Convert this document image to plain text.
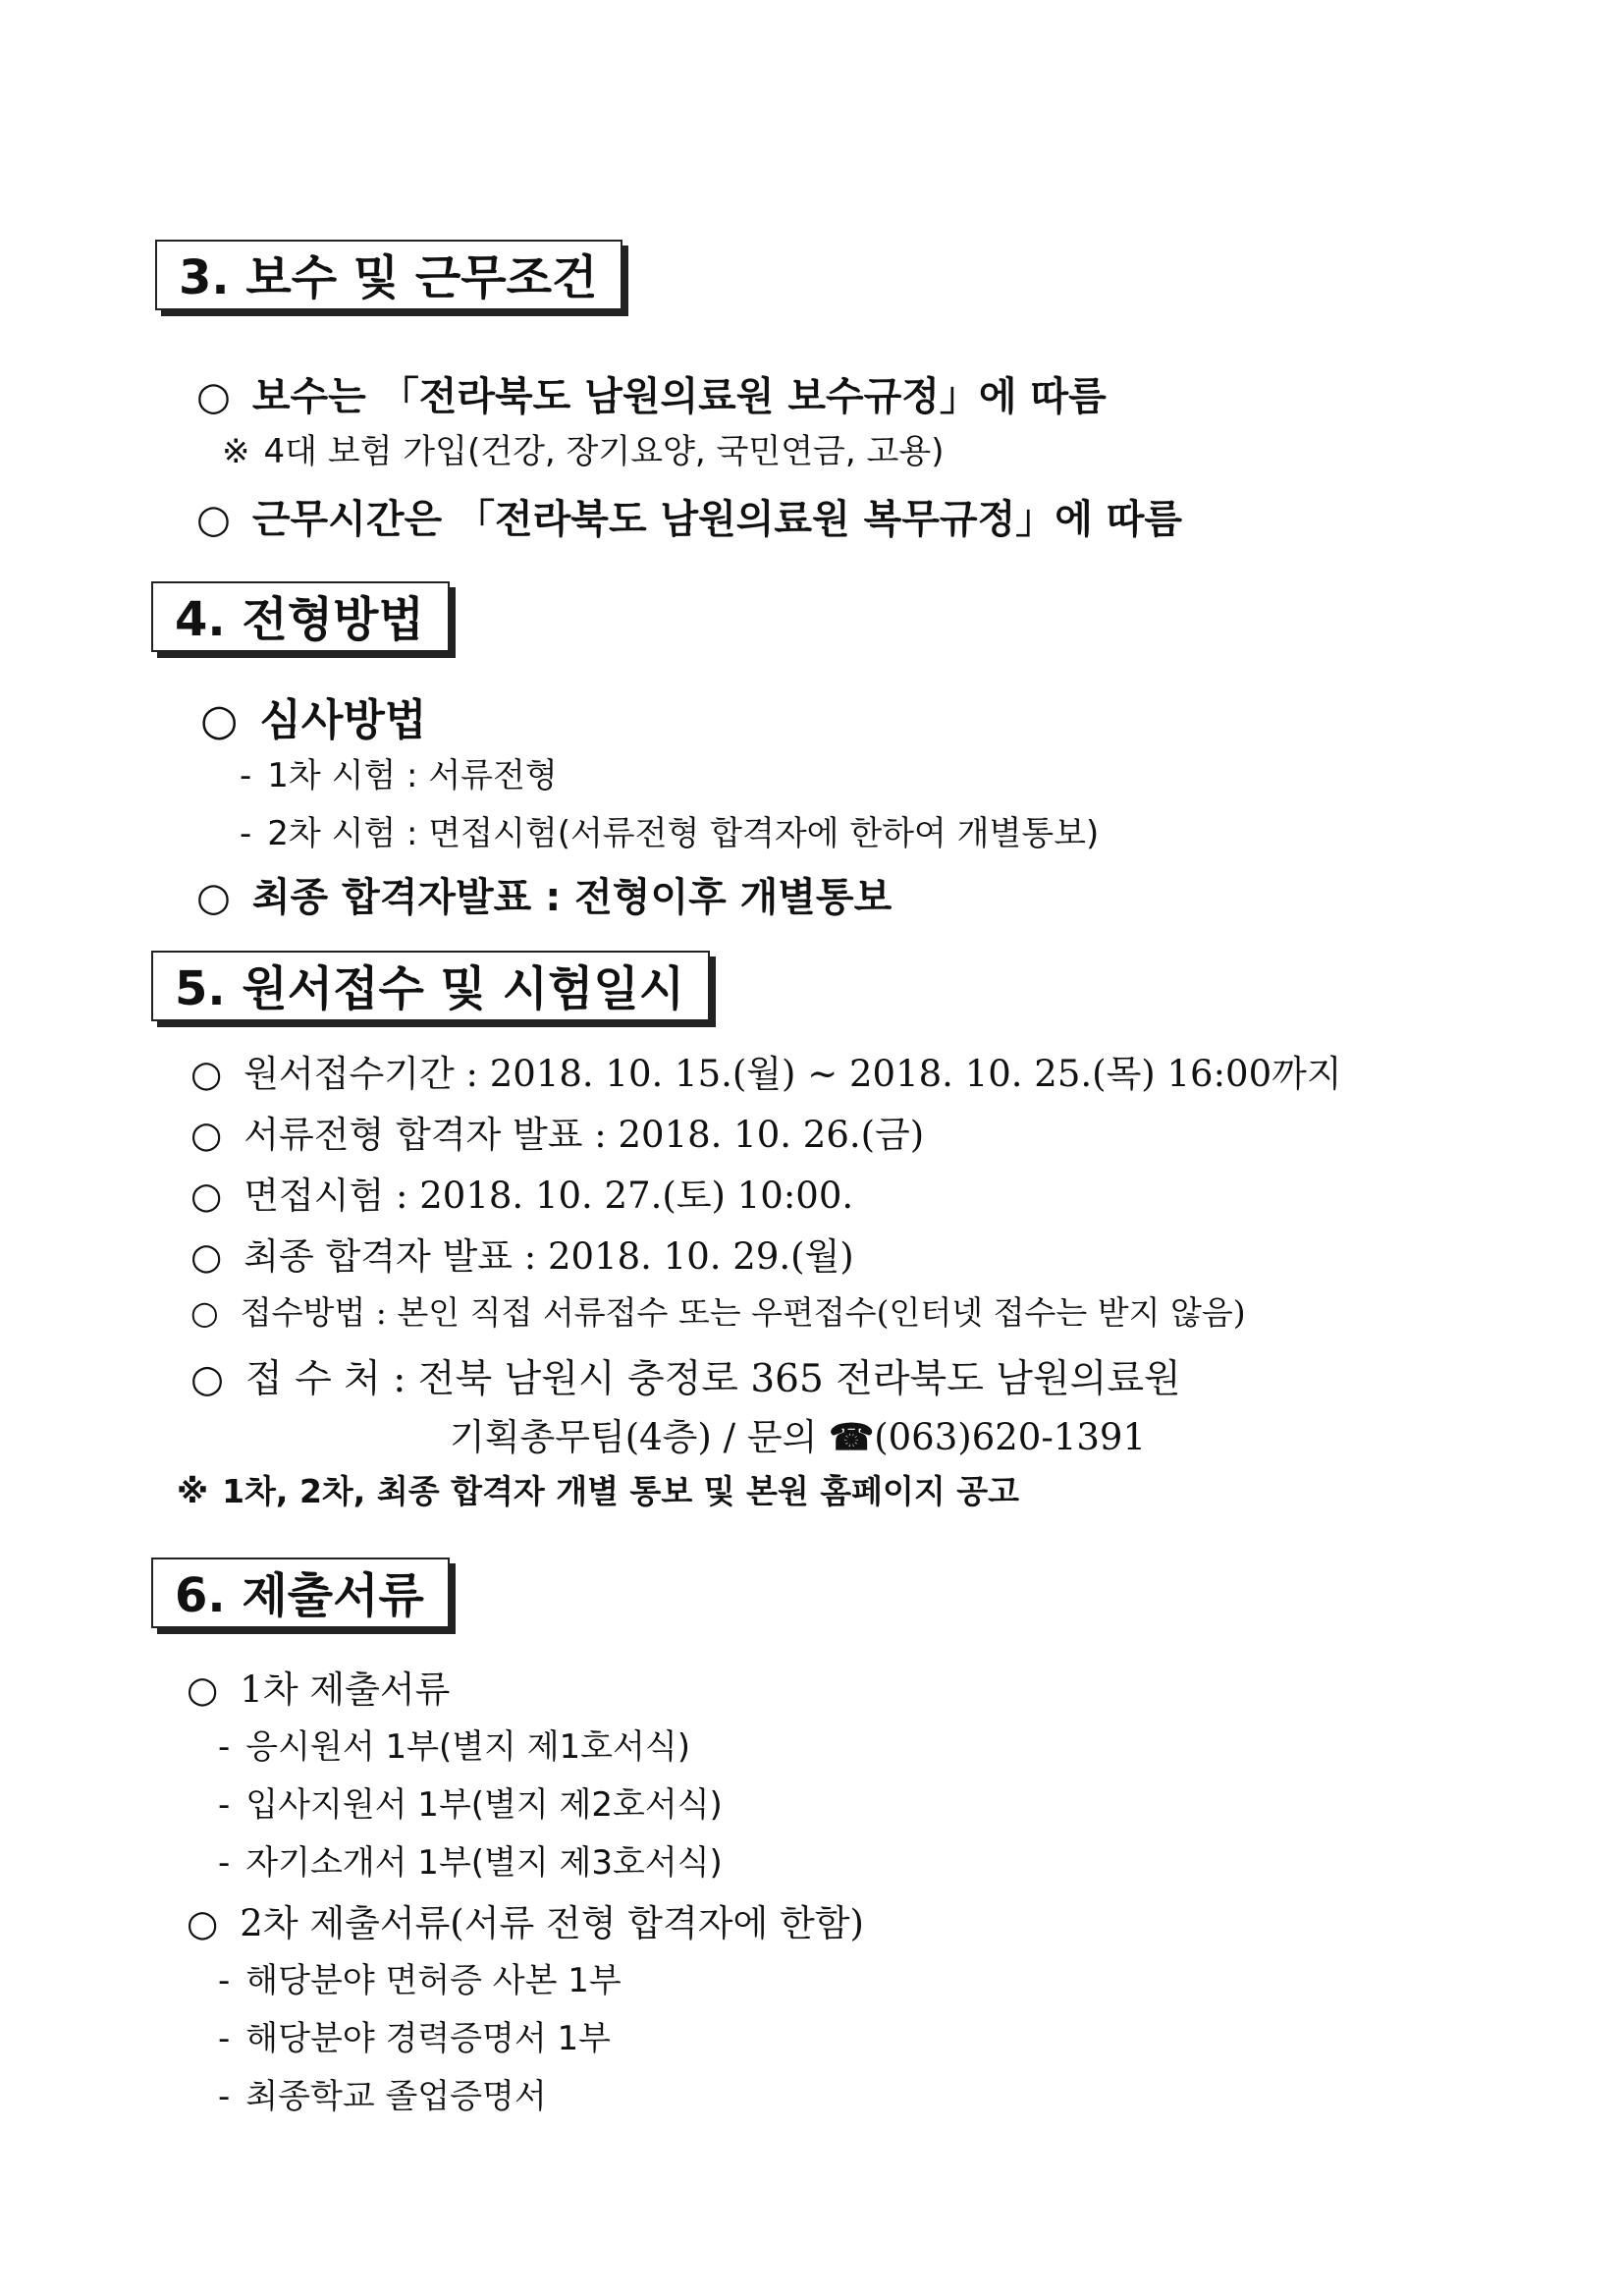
3. 보수 및 근무조건
○ 보수는 「전라북도 남원의료원 보수규정」에 따름
※ 4대 보험 가입(건강, 장기요양, 국민연금, 고용)
○ 근무시간은 「전라북도 남원의료원 복무규정」에 따름
4. 전형방법
○ 심사방법
- 1차 시험 : 서류전형
- 2차 시험 : 면접시험(서류전형 합격자에 한하여 개별통보)
○ 최종 합격자발표 : 전형이후 개별통보
5. 원서접수 및 시험일시
○ 원서접수기간 : 2018. 10. 15.(월) ~ 2018. 10. 25.(목) 16:00까지
○ 서류전형 합격자 발표 : 2018. 10. 26.(금)
○ 면접시험 : 2018. 10. 27.(토) 10:00.
○ 최종 합격자 발표 : 2018. 10. 29.(월)
○ 접수방법 : 본인 직접 서류접수 또는 우편접수(인터넷 접수는 받지 않음)
○ 접 수 처 : 전북 남원시 충정로 365 전라북도 남원의료원
기획총무팀(4층) / 문의 ☎(063)620-1391
※ 1차, 2차, 최종 합격자 개별 통보 및 본원 홈페이지 공고
6. 제출서류
○ 1차 제출서류
- 응시원서 1부(별지 제1호서식)
- 입사지원서 1부(별지 제2호서식)
- 자기소개서 1부(별지 제3호서식)
○ 2차 제출서류(서류 전형 합격자에 한함)
- 해당분야 면허증 사본 1부
- 해당분야 경력증명서 1부
- 최종학교 졸업증명서
